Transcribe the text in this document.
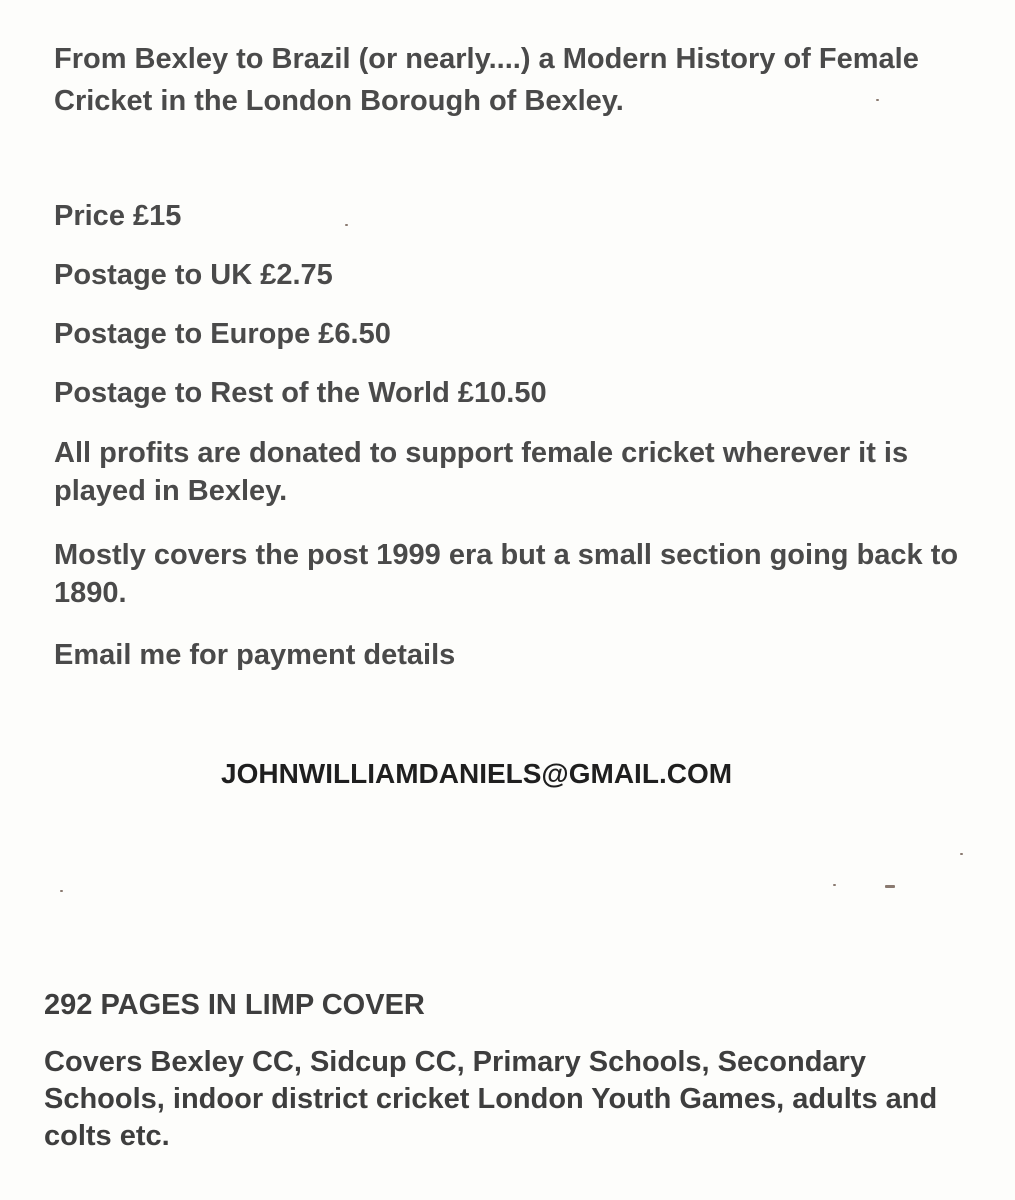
From Bexley to Brazil (or nearly....) a Modern History of Female Cricket in the London Borough of Bexley.

Price £15

Postage to UK £2.75

Postage to Europe £6.50

Postage to Rest of the World £10.50

All profits are donated to support female cricket wherever it is played in Bexley.

Mostly covers the post 1999 era but a small section going back to 1890.

Email me for payment details

JOHNWILLIAMDANIELS@GMAIL.COM

292 PAGES IN LIMP COVER

Covers Bexley CC, Sidcup CC, Primary Schools, Secondary Schools, indoor district cricket London Youth Games, adults and colts etc.
